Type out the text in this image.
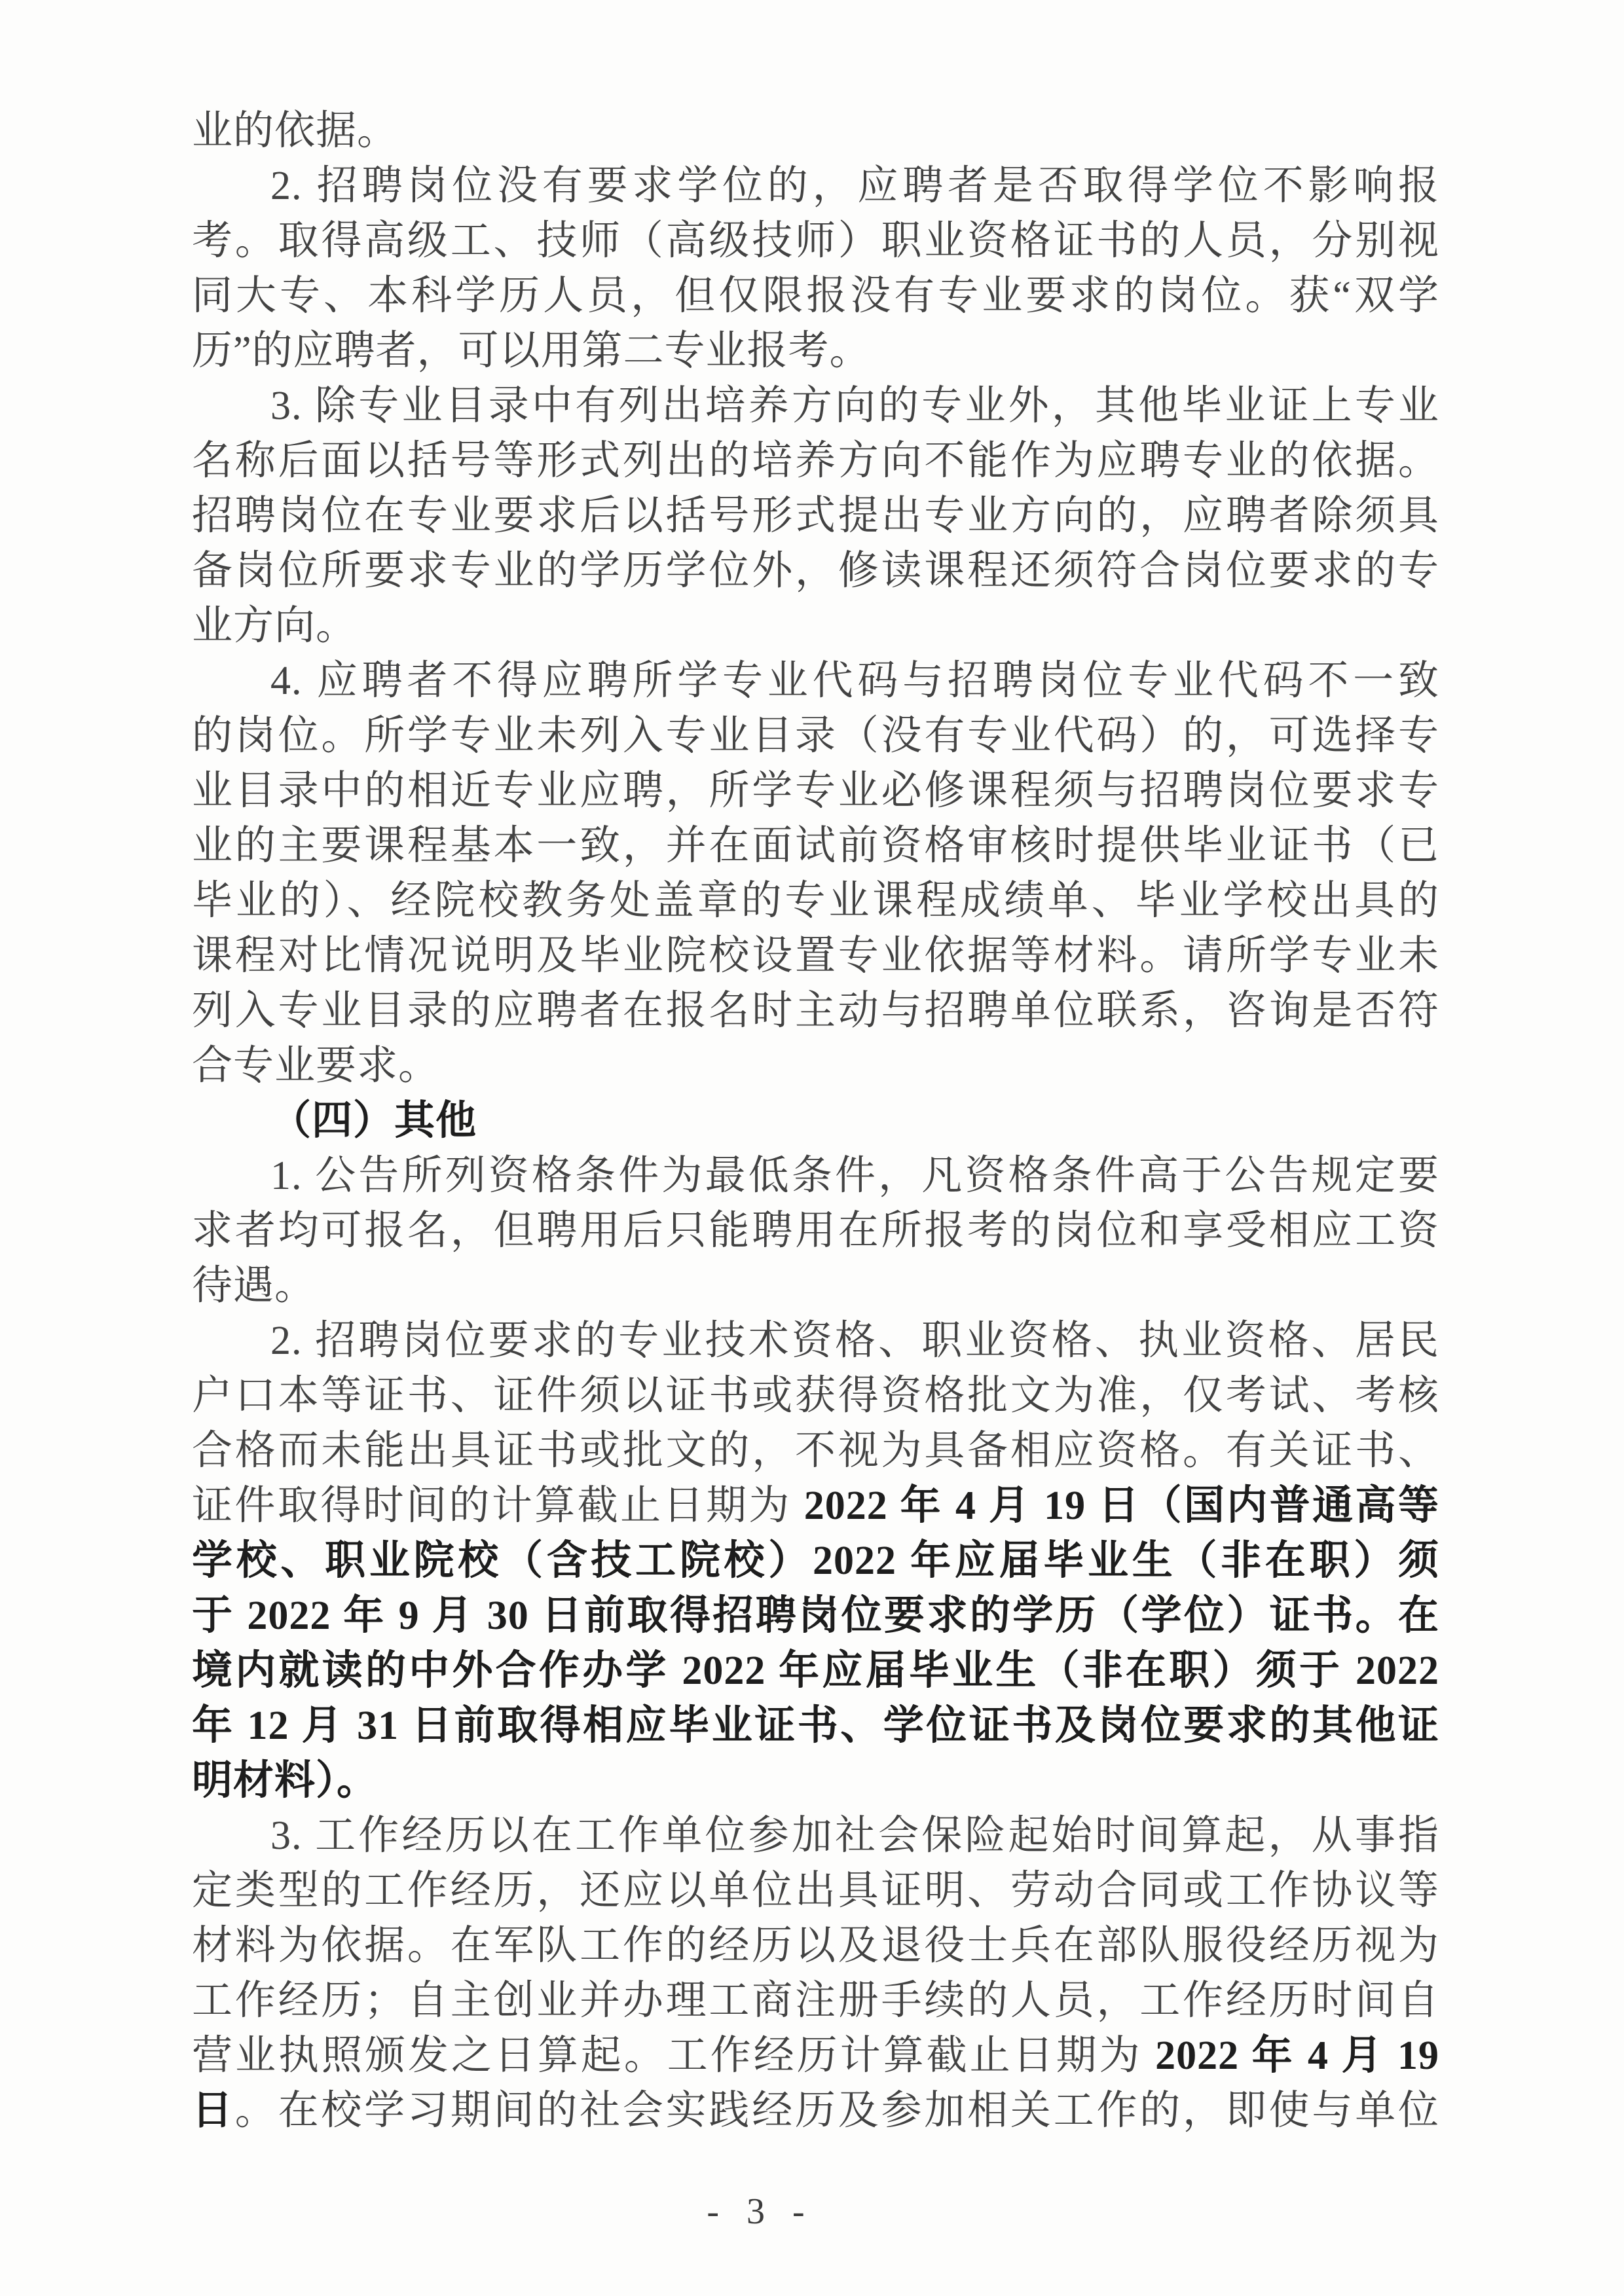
业的依据。
2. 招聘岗位没有要求学位的，应聘者是否取得学位不影响报
考。取得高级工、技师（高级技师）职业资格证书的人员，分别视
同大专、本科学历人员，但仅限报没有专业要求的岗位。获“双学
历”的应聘者，可以用第二专业报考。
3. 除专业目录中有列出培养方向的专业外，其他毕业证上专业
名称后面以括号等形式列出的培养方向不能作为应聘专业的依据。
招聘岗位在专业要求后以括号形式提出专业方向的，应聘者除须具
备岗位所要求专业的学历学位外，修读课程还须符合岗位要求的专
业方向。
4. 应聘者不得应聘所学专业代码与招聘岗位专业代码不一致
的岗位。所学专业未列入专业目录（没有专业代码）的，可选择专
业目录中的相近专业应聘，所学专业必修课程须与招聘岗位要求专
业的主要课程基本一致，并在面试前资格审核时提供毕业证书（已
毕业的）、经院校教务处盖章的专业课程成绩单、毕业学校出具的
课程对比情况说明及毕业院校设置专业依据等材料。请所学专业未
列入专业目录的应聘者在报名时主动与招聘单位联系，咨询是否符
合专业要求。
（四）其他
1. 公告所列资格条件为最低条件，凡资格条件高于公告规定要
求者均可报名，但聘用后只能聘用在所报考的岗位和享受相应工资
待遇。
2. 招聘岗位要求的专业技术资格、职业资格、执业资格、居民
户口本等证书、证件须以证书或获得资格批文为准，仅考试、考核
合格而未能出具证书或批文的，不视为具备相应资格。有关证书、
证件取得时间的计算截止日期为 2022 年 4 月 19 日（国内普通高等
学校、职业院校（含技工院校）2022 年应届毕业生（非在职）须
于 2022 年 9 月 30 日前取得招聘岗位要求的学历（学位）证书。在
境内就读的中外合作办学 2022 年应届毕业生（非在职）须于 2022
年 12 月 31 日前取得相应毕业证书、学位证书及岗位要求的其他证
明材料）。
3. 工作经历以在工作单位参加社会保险起始时间算起，从事指
定类型的工作经历，还应以单位出具证明、劳动合同或工作协议等
材料为依据。在军队工作的经历以及退役士兵在部队服役经历视为
工作经历；自主创业并办理工商注册手续的人员，工作经历时间自
营业执照颁发之日算起。工作经历计算截止日期为 2022 年 4 月 19
日。在校学习期间的社会实践经历及参加相关工作的，即使与单位
- 3 -
